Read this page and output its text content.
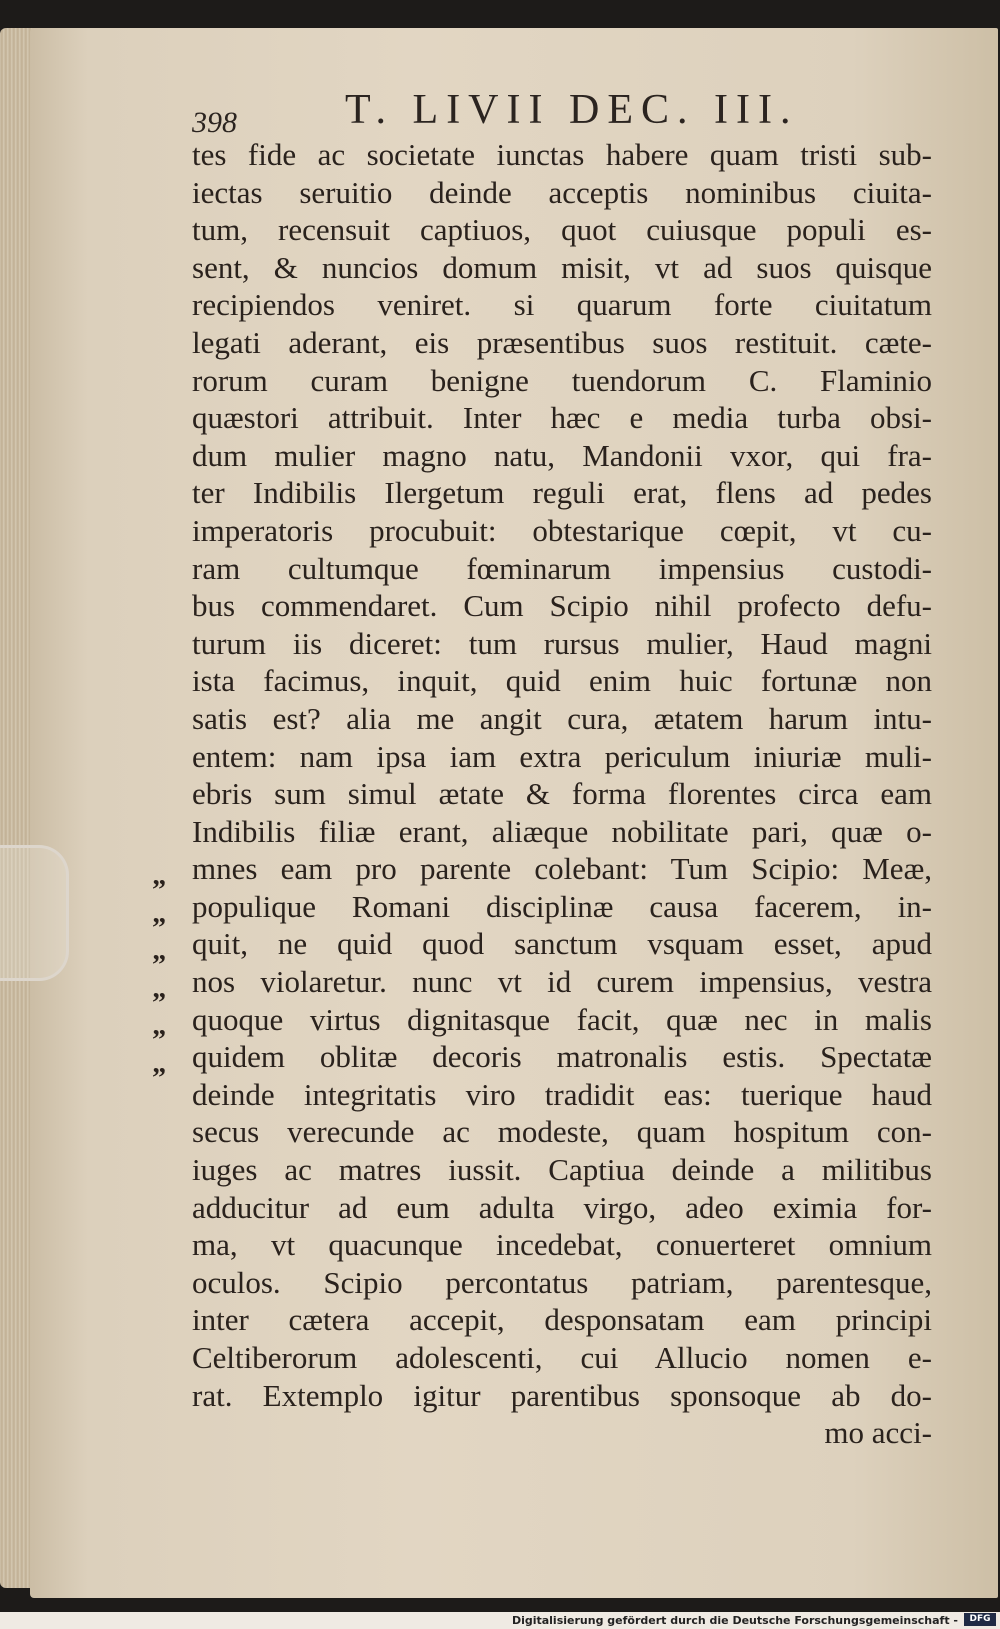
398	T. LIVII DEC. III.
”
”
”
”
”
”
tes fide ac societate iunctas habere quam tristi sub-
iectas seruitio deinde acceptis nominibus ciuita-
tum, recensuit captiuos, quot cuiusque populi es-
sent, & nuncios domum misit, vt ad suos quisque
recipiendos veniret. si quarum forte ciuitatum
legati aderant, eis præsentibus suos restituit. cæte-
rorum curam benigne tuendorum C. Flaminio
quæstori attribuit. Inter hæc e media turba obsi-
dum mulier magno natu, Mandonii vxor, qui fra-
ter Indibilis Ilergetum reguli erat, flens ad pedes
imperatoris procubuit: obtestarique cœpit, vt cu-
ram cultumque fœminarum impensius custodi-
bus commendaret. Cum Scipio nihil profecto defu-
turum iis diceret: tum rursus mulier, Haud magni
ista facimus, inquit, quid enim huic fortunæ non
satis est? alia me angit cura, ætatem harum intu-
entem: nam ipsa iam extra periculum iniuriæ muli-
ebris sum simul ætate & forma florentes circa eam
Indibilis filiæ erant, aliæque nobilitate pari, quæ o-
mnes eam pro parente colebant: Tum Scipio: Meæ,
populique Romani disciplinæ causa facerem, in-
quit, ne quid quod sanctum vsquam esset, apud
nos violaretur. nunc vt id curem impensius, vestra
quoque virtus dignitasque facit, quæ nec in malis
quidem oblitæ decoris matronalis estis. Spectatæ
deinde integritatis viro tradidit eas: tuerique haud
secus verecunde ac modeste, quam hospitum con-
iuges ac matres iussit. Captiua deinde a militibus
adducitur ad eum adulta virgo, adeo eximia for-
ma, vt quacunque incedebat, conuerteret omnium
oculos. Scipio percontatus patriam, parentesque,
inter cætera accepit, desponsatam eam principi
Celtiberorum adolescenti, cui Allucio nomen e-
rat. Extemplo igitur parentibus sponsoque ab do-
mo acci-
Digitalisierung gefördert durch die Deutsche Forschungsgemeinschaft -	DFG
